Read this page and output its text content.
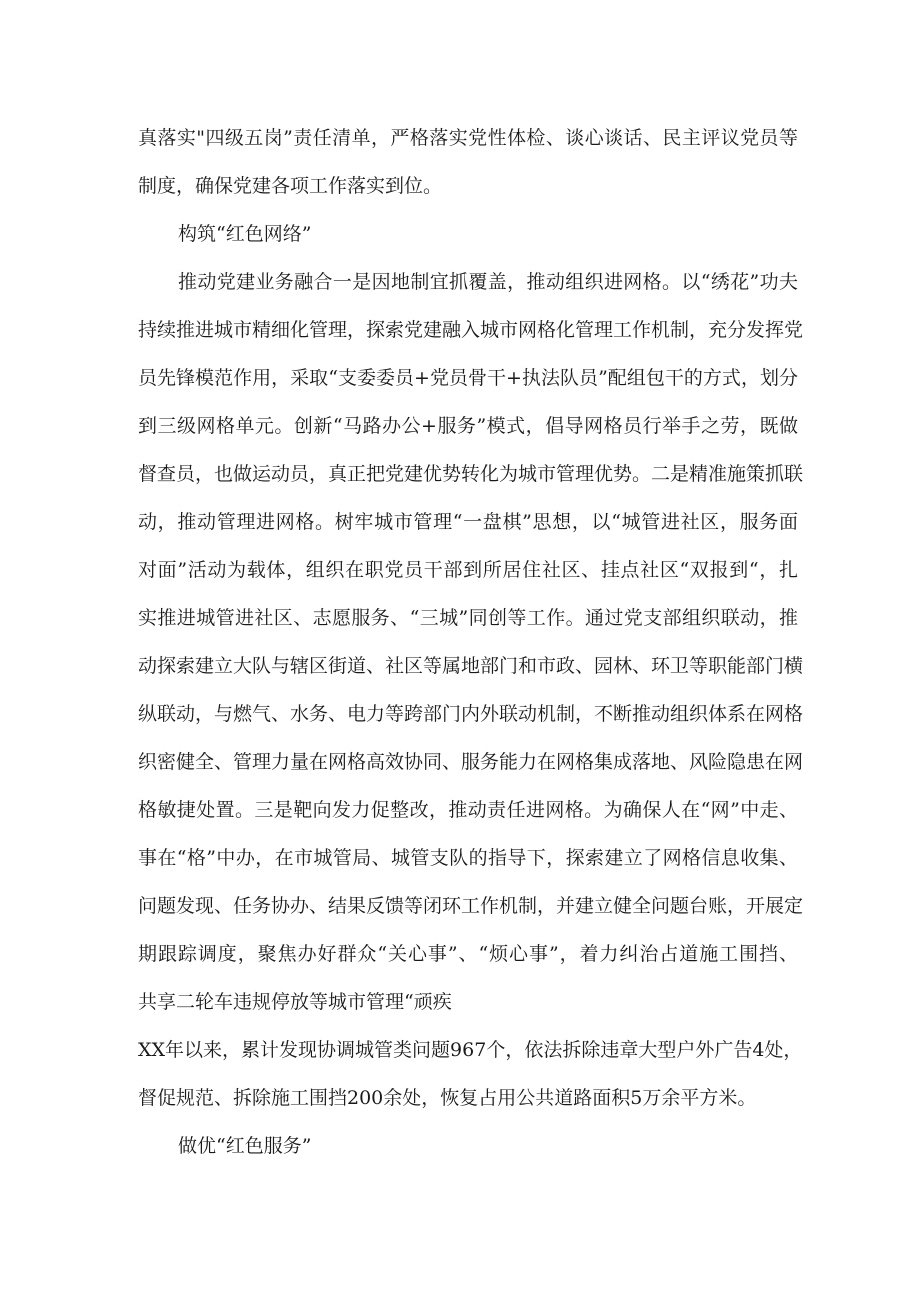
真落实"四级五岗”责任清单，严格落实党性体检、谈心谈话、民主评议党员等
制度，确保党建各项工作落实到位。
构筑“红色网络”
推动党建业务融合一是因地制宜抓覆盖，推动组织进网格。以“绣花”功夫
持续推进城市精细化管理，探索党建融入城市网格化管理工作机制，充分发挥党
员先锋模范作用，采取“支委委员+党员骨干+执法队员”配组包干的方式，划分
到三级网格单元。创新“马路办公+服务”模式，倡导网格员行举手之劳，既做
督查员，也做运动员，真正把党建优势转化为城市管理优势。二是精准施策抓联
动，推动管理进网格。树牢城市管理“一盘棋”思想，以“城管进社区，服务面
对面”活动为载体，组织在职党员干部到所居住社区、挂点社区“双报到“，扎
实推进城管进社区、志愿服务、“三城”同创等工作。通过党支部组织联动，推
动探索建立大队与辖区街道、社区等属地部门和市政、园林、环卫等职能部门横
纵联动，与燃气、水务、电力等跨部门内外联动机制，不断推动组织体系在网格
织密健全、管理力量在网格高效协同、服务能力在网格集成落地、风险隐患在网
格敏捷处置。三是靶向发力促整改，推动责任进网格。为确保人在“网”中走、
事在“格”中办，在市城管局、城管支队的指导下，探索建立了网格信息收集、
问题发现、任务协办、结果反馈等闭环工作机制，并建立健全问题台账，开展定
期跟踪调度，聚焦办好群众“关心事”、“烦心事”，着力纠治占道施工围挡、
共享二轮车违规停放等城市管理“顽疾
XX年以来，累计发现协调城管类问题967个，依法拆除违章大型户外广告4处，
督促规范、拆除施工围挡200余处，恢复占用公共道路面积5万余平方米。
做优“红色服务”
